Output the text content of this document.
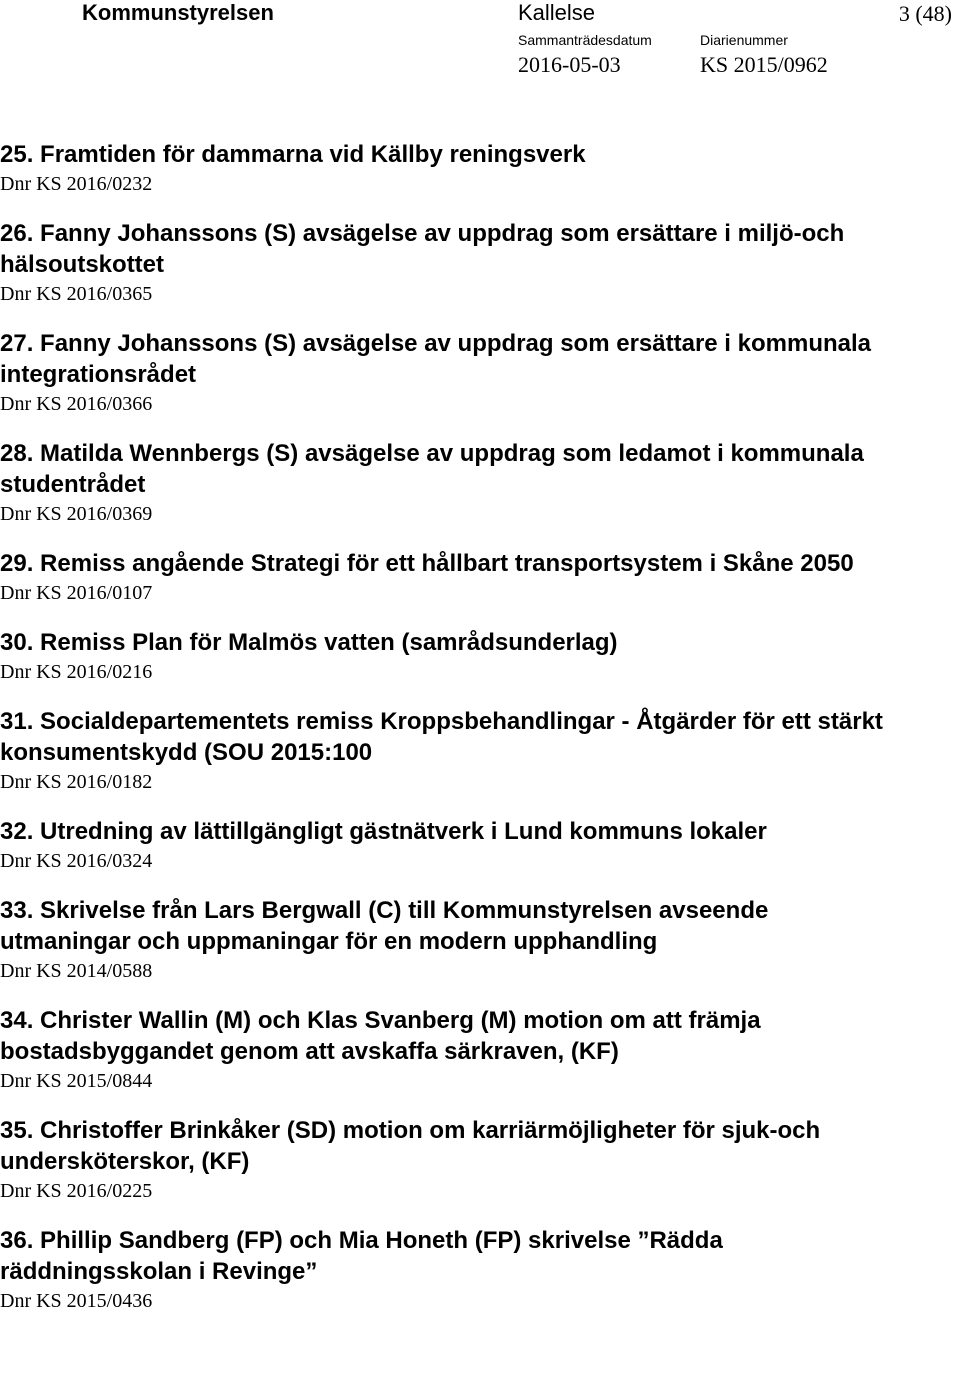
Kommunstyrelsen	Kallelse	3 (48)
Sammanträdesdatum
2016-05-03
Diarienummer
KS 2015/0962

25. Framtiden för dammarna vid Källby reningsverk

Dnr KS 2016/0232

26. Fanny Johanssons (S) avsägelse av uppdrag som ersättare i miljö-och hälsoutskottet

Dnr KS 2016/0365

27. Fanny Johanssons (S) avsägelse av uppdrag som ersättare i kommunala integrationsrådet

Dnr KS 2016/0366

28. Matilda Wennbergs (S) avsägelse av uppdrag som ledamot i kommunala studentrådet

Dnr KS 2016/0369

29. Remiss angående Strategi för ett hållbart transportsystem i Skåne 2050

Dnr KS 2016/0107

30. Remiss Plan för Malmös vatten (samrådsunderlag)

Dnr KS 2016/0216

31. Socialdepartementets remiss Kroppsbehandlingar - Åtgärder för ett stärkt konsumentskydd (SOU 2015:100

Dnr KS 2016/0182

32. Utredning av lättillgängligt gästnätverk i Lund kommuns lokaler

Dnr KS 2016/0324

33. Skrivelse från Lars Bergwall (C) till Kommunstyrelsen avseende utmaningar och uppmaningar för en modern upphandling

Dnr KS 2014/0588

34. Christer Wallin (M) och Klas Svanberg (M) motion om att främja bostadsbyggandet genom att avskaffa särkraven, (KF)

Dnr KS 2015/0844

35. Christoffer Brinkåker (SD) motion om karriärmöjligheter för sjuk-och undersköterskor, (KF)

Dnr KS 2016/0225

36. Phillip Sandberg (FP) och Mia Honeth (FP) skrivelse ”Rädda räddningsskolan i Revinge”

Dnr KS 2015/0436
